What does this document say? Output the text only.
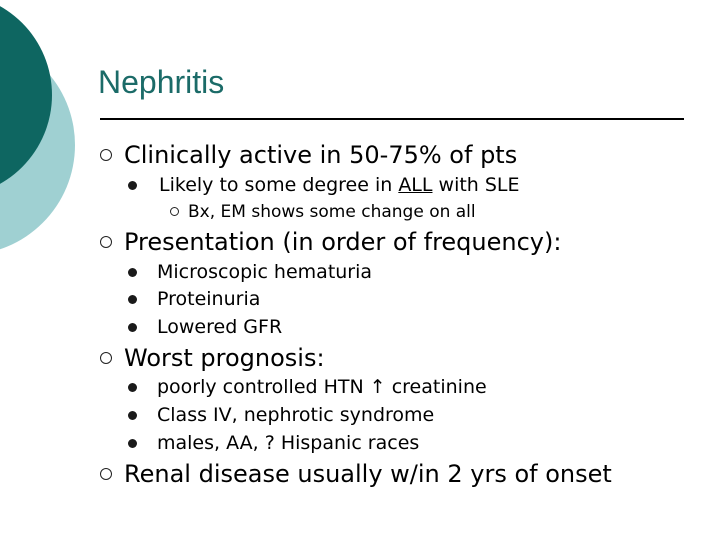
Nephritis
Clinically active in 50-75% of pts
Likely to some degree in ALL with SLE
Bx, EM shows some change on all
Presentation (in order of frequency):
Microscopic hematuria
Proteinuria
Lowered GFR
Worst prognosis:
poorly controlled HTN ↑ creatinine
Class IV, nephrotic syndrome
males, AA, ? Hispanic races
Renal disease usually w/in 2 yrs of onset
